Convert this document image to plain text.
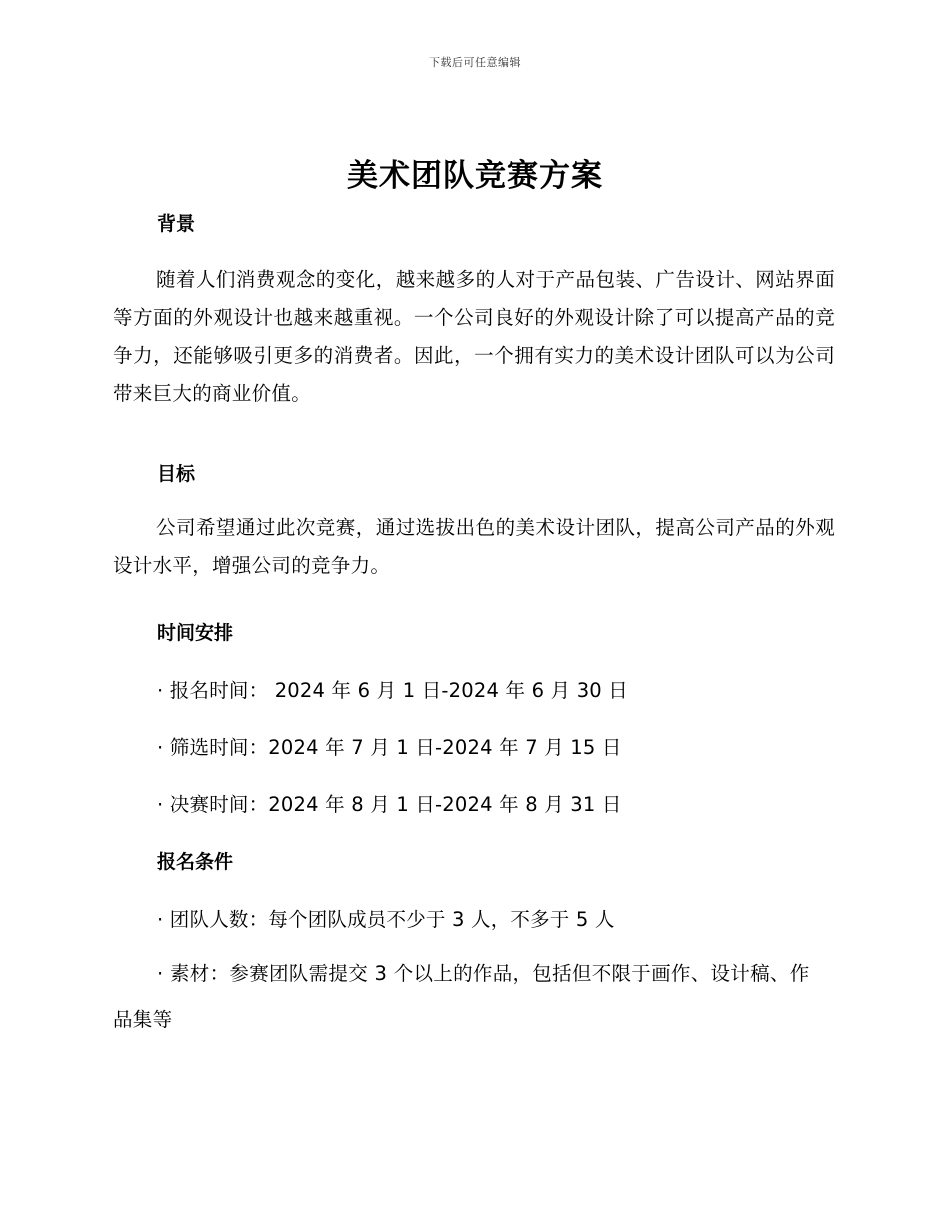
下载后可任意编辑
美术团队竞赛方案
背景
随着人们消费观念的变化，越来越多的人对于产品包装、广告设计、网站界面等方面的外观设计也越来越重视。一个公司良好的外观设计除了可以提高产品的竞争力，还能够吸引更多的消费者。因此，一个拥有实力的美术设计团队可以为公司带来巨大的商业价值。
目标
公司希望通过此次竞赛，通过选拔出色的美术设计团队，提高公司产品的外观设计水平，增强公司的竞争力。
时间安排
· 报名时间： 2024 年 6 月 1 日-2024 年 6 月 30 日
· 筛选时间：2024 年 7 月 1 日-2024 年 7 月 15 日
· 决赛时间：2024 年 8 月 1 日-2024 年 8 月 31 日
报名条件
· 团队人数：每个团队成员不少于 3 人，不多于 5 人
· 素材：参赛团队需提交 3 个以上的作品，包括但不限于画作、设计稿、作品集等
